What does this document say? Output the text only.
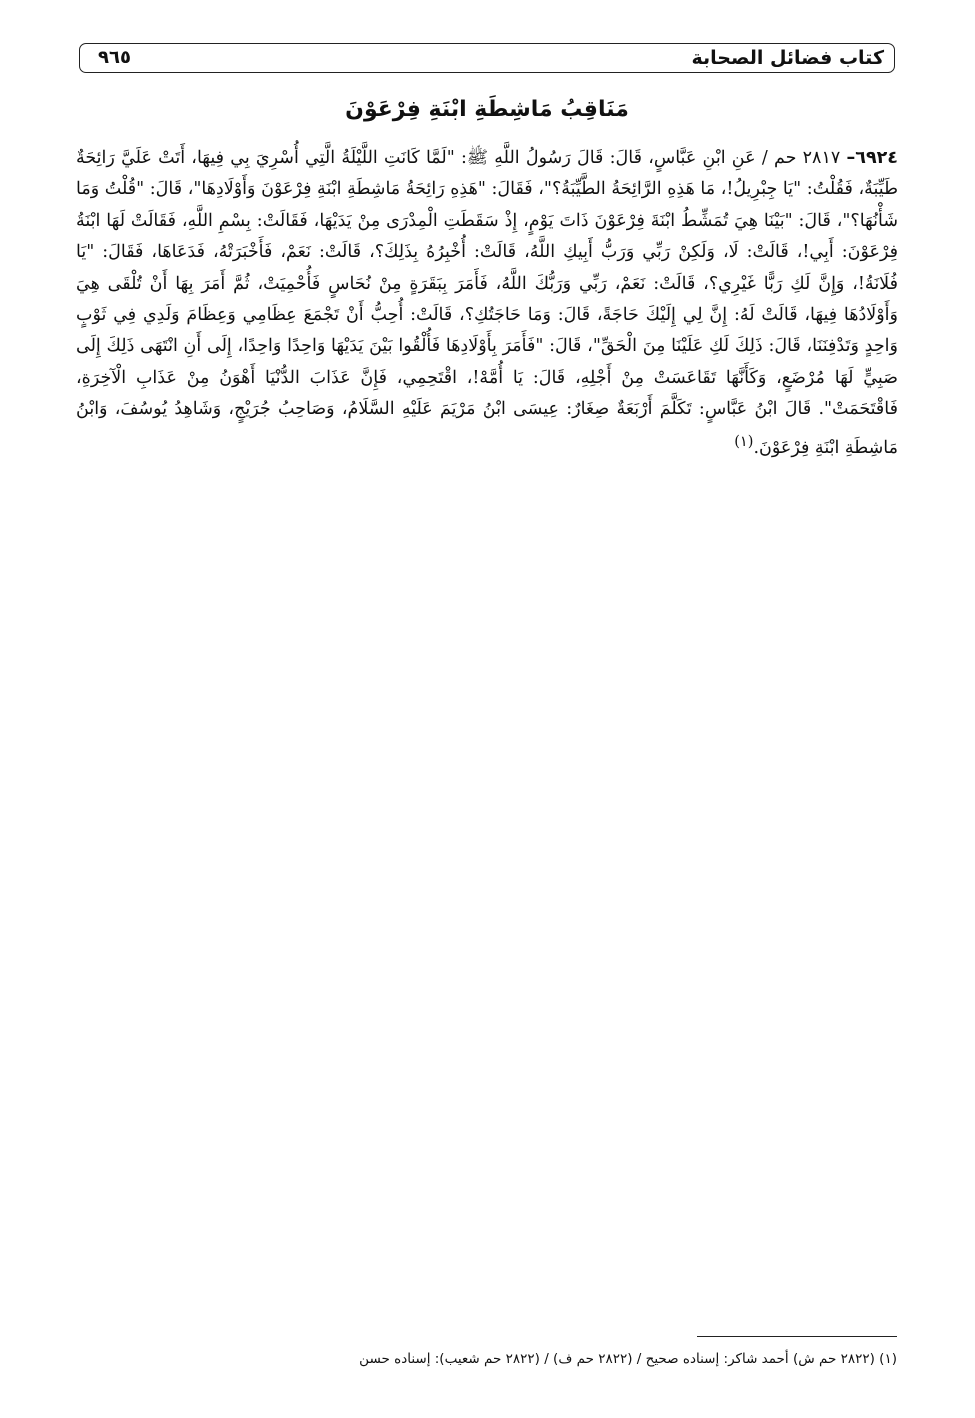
كتاب فضائل الصحابة
٩٦٥
مَنَاقِبُ مَاشِطَةِ ابْنَةِ فِرْعَوْنَ

٦٩٢٤– ٢٨١٧ حم / عَنِ ابْنِ عَبَّاسٍ، قَالَ: قَالَ رَسُولُ اللَّهِ ﷺ: "لَمَّا كَانَتِ اللَّيْلَةُ الَّتِي أُسْرِيَ بِي فِيهَا، أَتَتْ عَلَيَّ رَائِحَةٌ طَيِّبَةٌ، فَقُلْتُ: "يَا جِبْرِيلُ!، مَا هَذِهِ الرَّائِحَةُ الطَّيِّبَةُ؟"، فَقَالَ: "هَذِهِ رَائِحَةُ مَاشِطَةِ ابْنَةِ فِرْعَوْنَ وَأَوْلَادِهَا"، قَالَ: "قُلْتُ وَمَا شَأْنُهَا؟"، قَالَ: "بَيْنَا هِيَ تُمَشِّطُ ابْنَةَ فِرْعَوْنَ ذَاتَ يَوْمٍ، إِذْ سَقَطَتِ الْمِدْرَى مِنْ يَدَيْهَا، فَقَالَتْ: بِسْمِ اللَّهِ، فَقَالَتْ لَهَا ابْنَةُ فِرْعَوْنَ: أَبِي!، قَالَتْ: لَا، وَلَكِنْ رَبِّي وَرَبُّ أَبِيكِ اللَّهُ، قَالَتْ: أُخْبِرُهُ بِذَلِكَ؟، قَالَتْ: نَعَمْ، فَأَخْبَرَتْهُ، فَدَعَاهَا، فَقَالَ: "يَا فُلَانَةُ!، وَإِنَّ لَكِ رَبًّا غَيْرِي؟، قَالَتْ: نَعَمْ، رَبِّي وَرَبُّكَ اللَّهُ، فَأَمَرَ بِبَقَرَةٍ مِنْ نُحَاسٍ فَأُحْمِيَتْ، ثُمَّ أَمَرَ بِهَا أَنْ تُلْقَى هِيَ وَأَوْلَادُهَا فِيهَا، قَالَتْ لَهُ: إِنَّ لِي إِلَيْكَ حَاجَةً، قَالَ: وَمَا حَاجَتُكِ؟، قَالَتْ: أُحِبُّ أَنْ تَجْمَعَ عِظَامِي وَعِظَامَ وَلَدِي فِي ثَوْبٍ وَاحِدٍ وَتَدْفِنَنَا، قَالَ: ذَلِكَ لَكِ عَلَيْنَا مِنَ الْحَقِّ"، قَالَ: "فَأَمَرَ بِأَوْلَادِهَا فَأُلْقُوا بَيْنَ يَدَيْهَا وَاحِدًا وَاحِدًا، إِلَى أَنِ انْتَهَى ذَلِكَ إِلَى صَبِيٍّ لَهَا مُرْضَعٍ، وَكَأَنَّهَا تَقَاعَسَتْ مِنْ أَجْلِهِ، قَالَ: يَا أُمَّهْ!، اقْتَحِمِي، فَإِنَّ عَذَابَ الدُّنْيَا أَهْوَنُ مِنْ عَذَابِ الْآخِرَةِ، فَاقْتَحَمَتْ". قَالَ ابْنُ عَبَّاسٍ: تَكَلَّمَ أَرْبَعَةٌ صِغَارٌ: عِيسَى ابْنُ مَرْيَمَ عَلَيْهِ السَّلَامُ، وَصَاحِبُ جُرَيْجٍ، وَشَاهِدُ يُوسُفَ، وَابْنُ مَاشِطَةِ ابْنَةِ فِرْعَوْنَ.$^{(١)}$

(١) (٢٨٢٢ حم ش) أحمد شاكر: إسناده صحيح / (٢٨٢٢ حم ف) / (٢٨٢٢ حم شعيب): إسناده حسن
